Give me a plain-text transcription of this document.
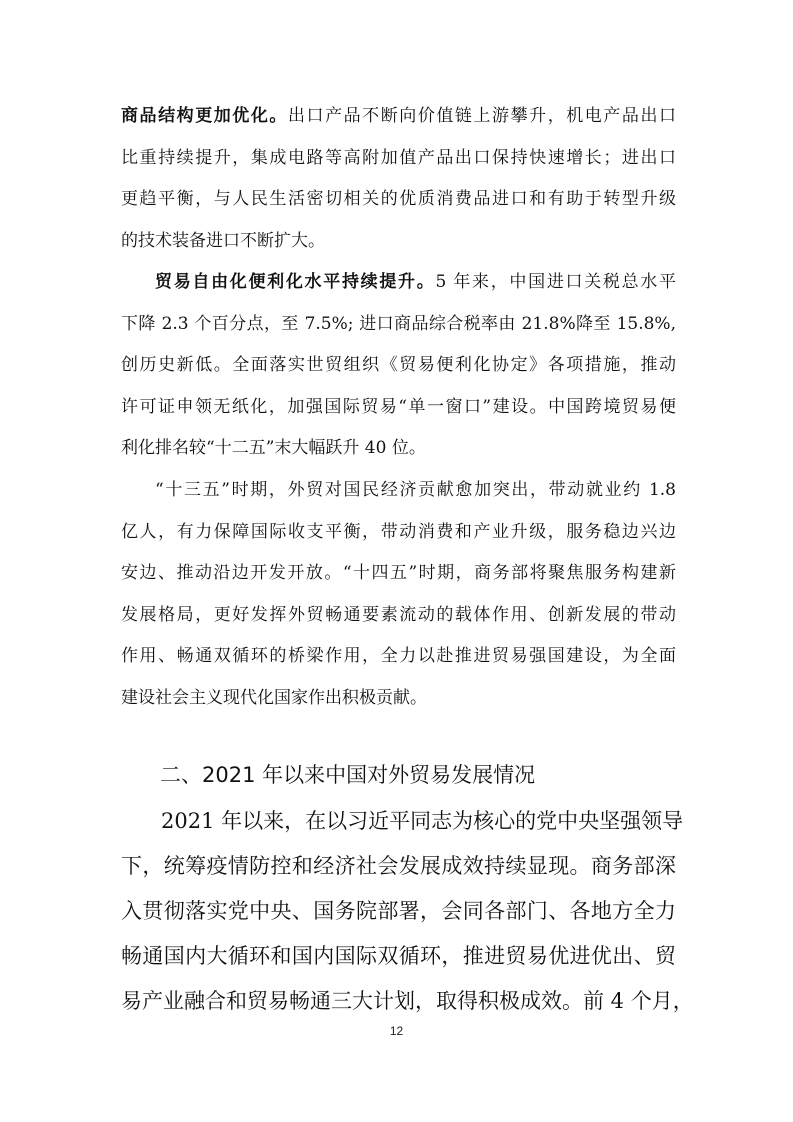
商品结构更加优化。出口产品不断向价值链上游攀升，机电产品出口
比重持续提升，集成电路等高附加值产品出口保持快速增长；进出口
更趋平衡，与人民生活密切相关的优质消费品进口和有助于转型升级
的技术装备进口不断扩大。
贸易自由化便利化水平持续提升。5 年来，中国进口关税总水平
下降 2.3 个百分点，至 7.5%; 进口商品综合税率由 21.8%降至 15.8%,
创历史新低。全面落实世贸组织《贸易便利化协定》各项措施，推动
许可证申领无纸化，加强国际贸易“单一窗口”建设。中国跨境贸易便
利化排名较“十二五”末大幅跃升 40 位。
“十三五”时期，外贸对国民经济贡献愈加突出，带动就业约 1.8
亿人，有力保障国际收支平衡，带动消费和产业升级，服务稳边兴边
安边、推动沿边开发开放。“十四五”时期，商务部将聚焦服务构建新
发展格局，更好发挥外贸畅通要素流动的载体作用、创新发展的带动
作用、畅通双循环的桥梁作用，全力以赴推进贸易强国建设，为全面
建设社会主义现代化国家作出积极贡献。
二、2021 年以来中国对外贸易发展情况
2021 年以来，在以习近平同志为核心的党中央坚强领导
下，统筹疫情防控和经济社会发展成效持续显现。商务部深
入贯彻落实党中央、国务院部署，会同各部门、各地方全力
畅通国内大循环和国内国际双循环，推进贸易优进优出、贸
易产业融合和贸易畅通三大计划，取得积极成效。前 4 个月，
12
